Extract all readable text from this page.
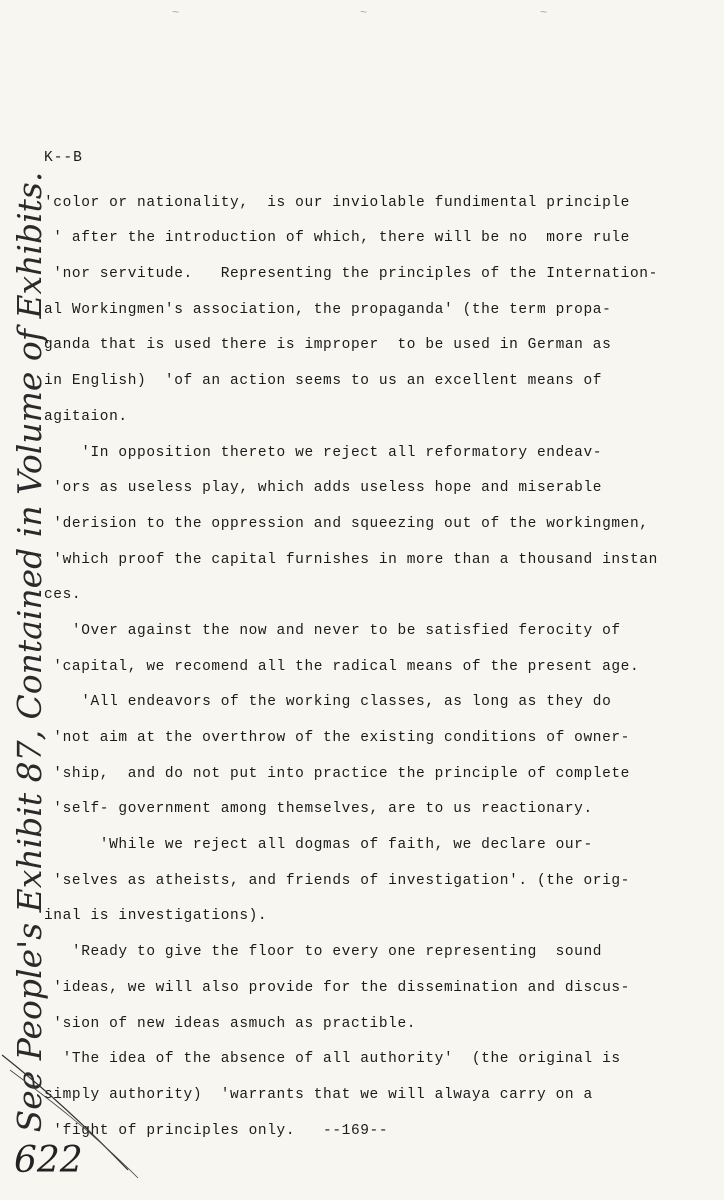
~	~	~
See People's Exhibit 87, Contained in Volume of Exhibits.
K--B
'color or nationality,  is our inviolable fundimental principle
' after the introduction of which, there will be no  more rule
'nor servitude.   Representing the principles of the Internation-
al Workingmen's association, the propaganda' (the term propa-
ganda that is used there is improper  to be used in German as
in English)  'of an action seems to us an excellent means of
agitaion.
'In opposition thereto we reject all reformatory endeav-
'ors as useless play, which adds useless hope and miserable
'derision to the oppression and squeezing out of the workingmen,
'which proof the capital furnishes in more than a thousand instan
ces.
'Over against the now and never to be satisfied ferocity of
'capital, we recomend all the radical means of the present age.
'All endeavors of the working classes, as long as they do
'not aim at the overthrow of the existing conditions of owner-
'ship,  and do not put into practice the principle of complete
'self- government among themselves, are to us reactionary.
'While we reject all dogmas of faith, we declare our-
'selves as atheists, and friends of investigation'. (the orig-
inal is investigations).
'Ready to give the floor to every one representing  sound
'ideas, we will also provide for the dissemination and discus-
'sion of new ideas asmuch as practible.
'The idea of the absence of all authority'  (the original is
simply authority)  'warrants that we will alwaya carry on a
'fight of principles only.   --169--
622
